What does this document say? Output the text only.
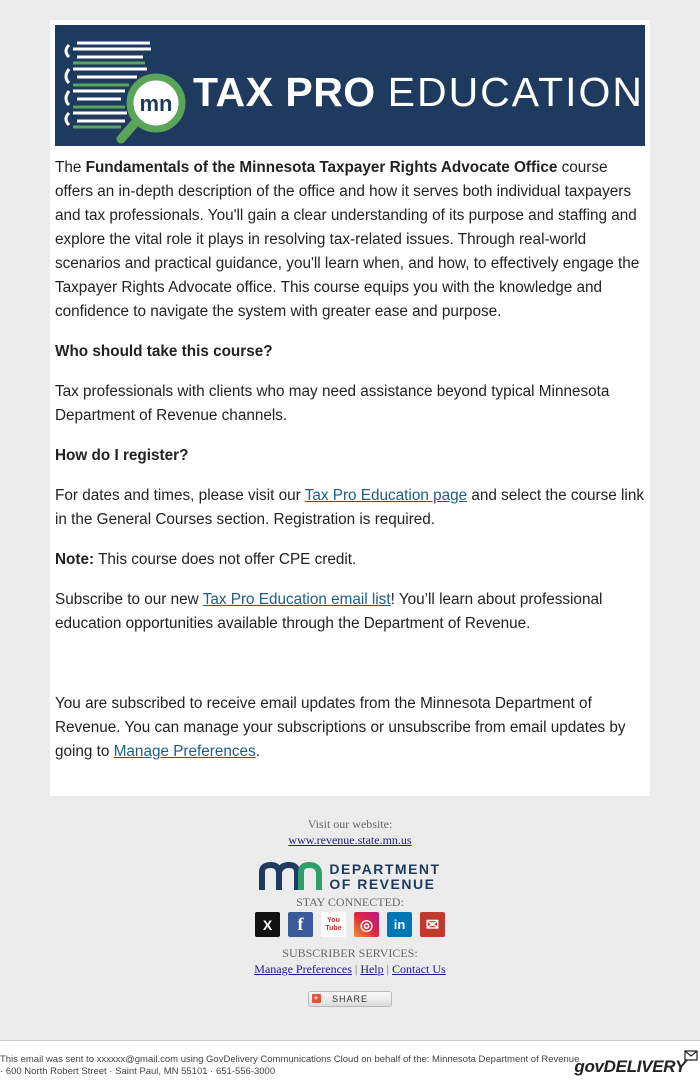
mn TAX PRO EDUCATION

The Fundamentals of the Minnesota Taxpayer Rights Advocate Office course offers an in-depth description of the office and how it serves both individual taxpayers and tax professionals. You'll gain a clear understanding of its purpose and staffing and explore the vital role it plays in resolving tax-related issues. Through real-world scenarios and practical guidance, you'll learn when, and how, to effectively engage the Taxpayer Rights Advocate office. This course equips you with the knowledge and confidence to navigate the system with greater ease and purpose.

Who should take this course?

Tax professionals with clients who may need assistance beyond typical Minnesota Department of Revenue channels.

How do I register?

For dates and times, please visit our Tax Pro Education page and select the course link in the General Courses section. Registration is required.

Note: This course does not offer CPE credit.

Subscribe to our new Tax Pro Education email list! You’ll learn about professional education opportunities available through the Department of Revenue.

You are subscribed to receive email updates from the Minnesota Department of Revenue. You can manage your subscriptions or unsubscribe from email updates by going to Manage Preferences.

Visit our website:
www.revenue.state.mn.us
DEPARTMENT
OF REVENUE
STAY CONNECTED:
X f	You Tube ◎ in ✉
SUBSCRIBER SERVICES:
Manage Preferences | Help | Contact Us
+ SHARE
This email was sent to xxxxxx@gmail.com using GovDelivery Communications Cloud on behalf of the: Minnesota Department of Revenue · 600 North Robert Street · Saint Paul, MN 55101 · 651-556-3000	govDELIVERY
